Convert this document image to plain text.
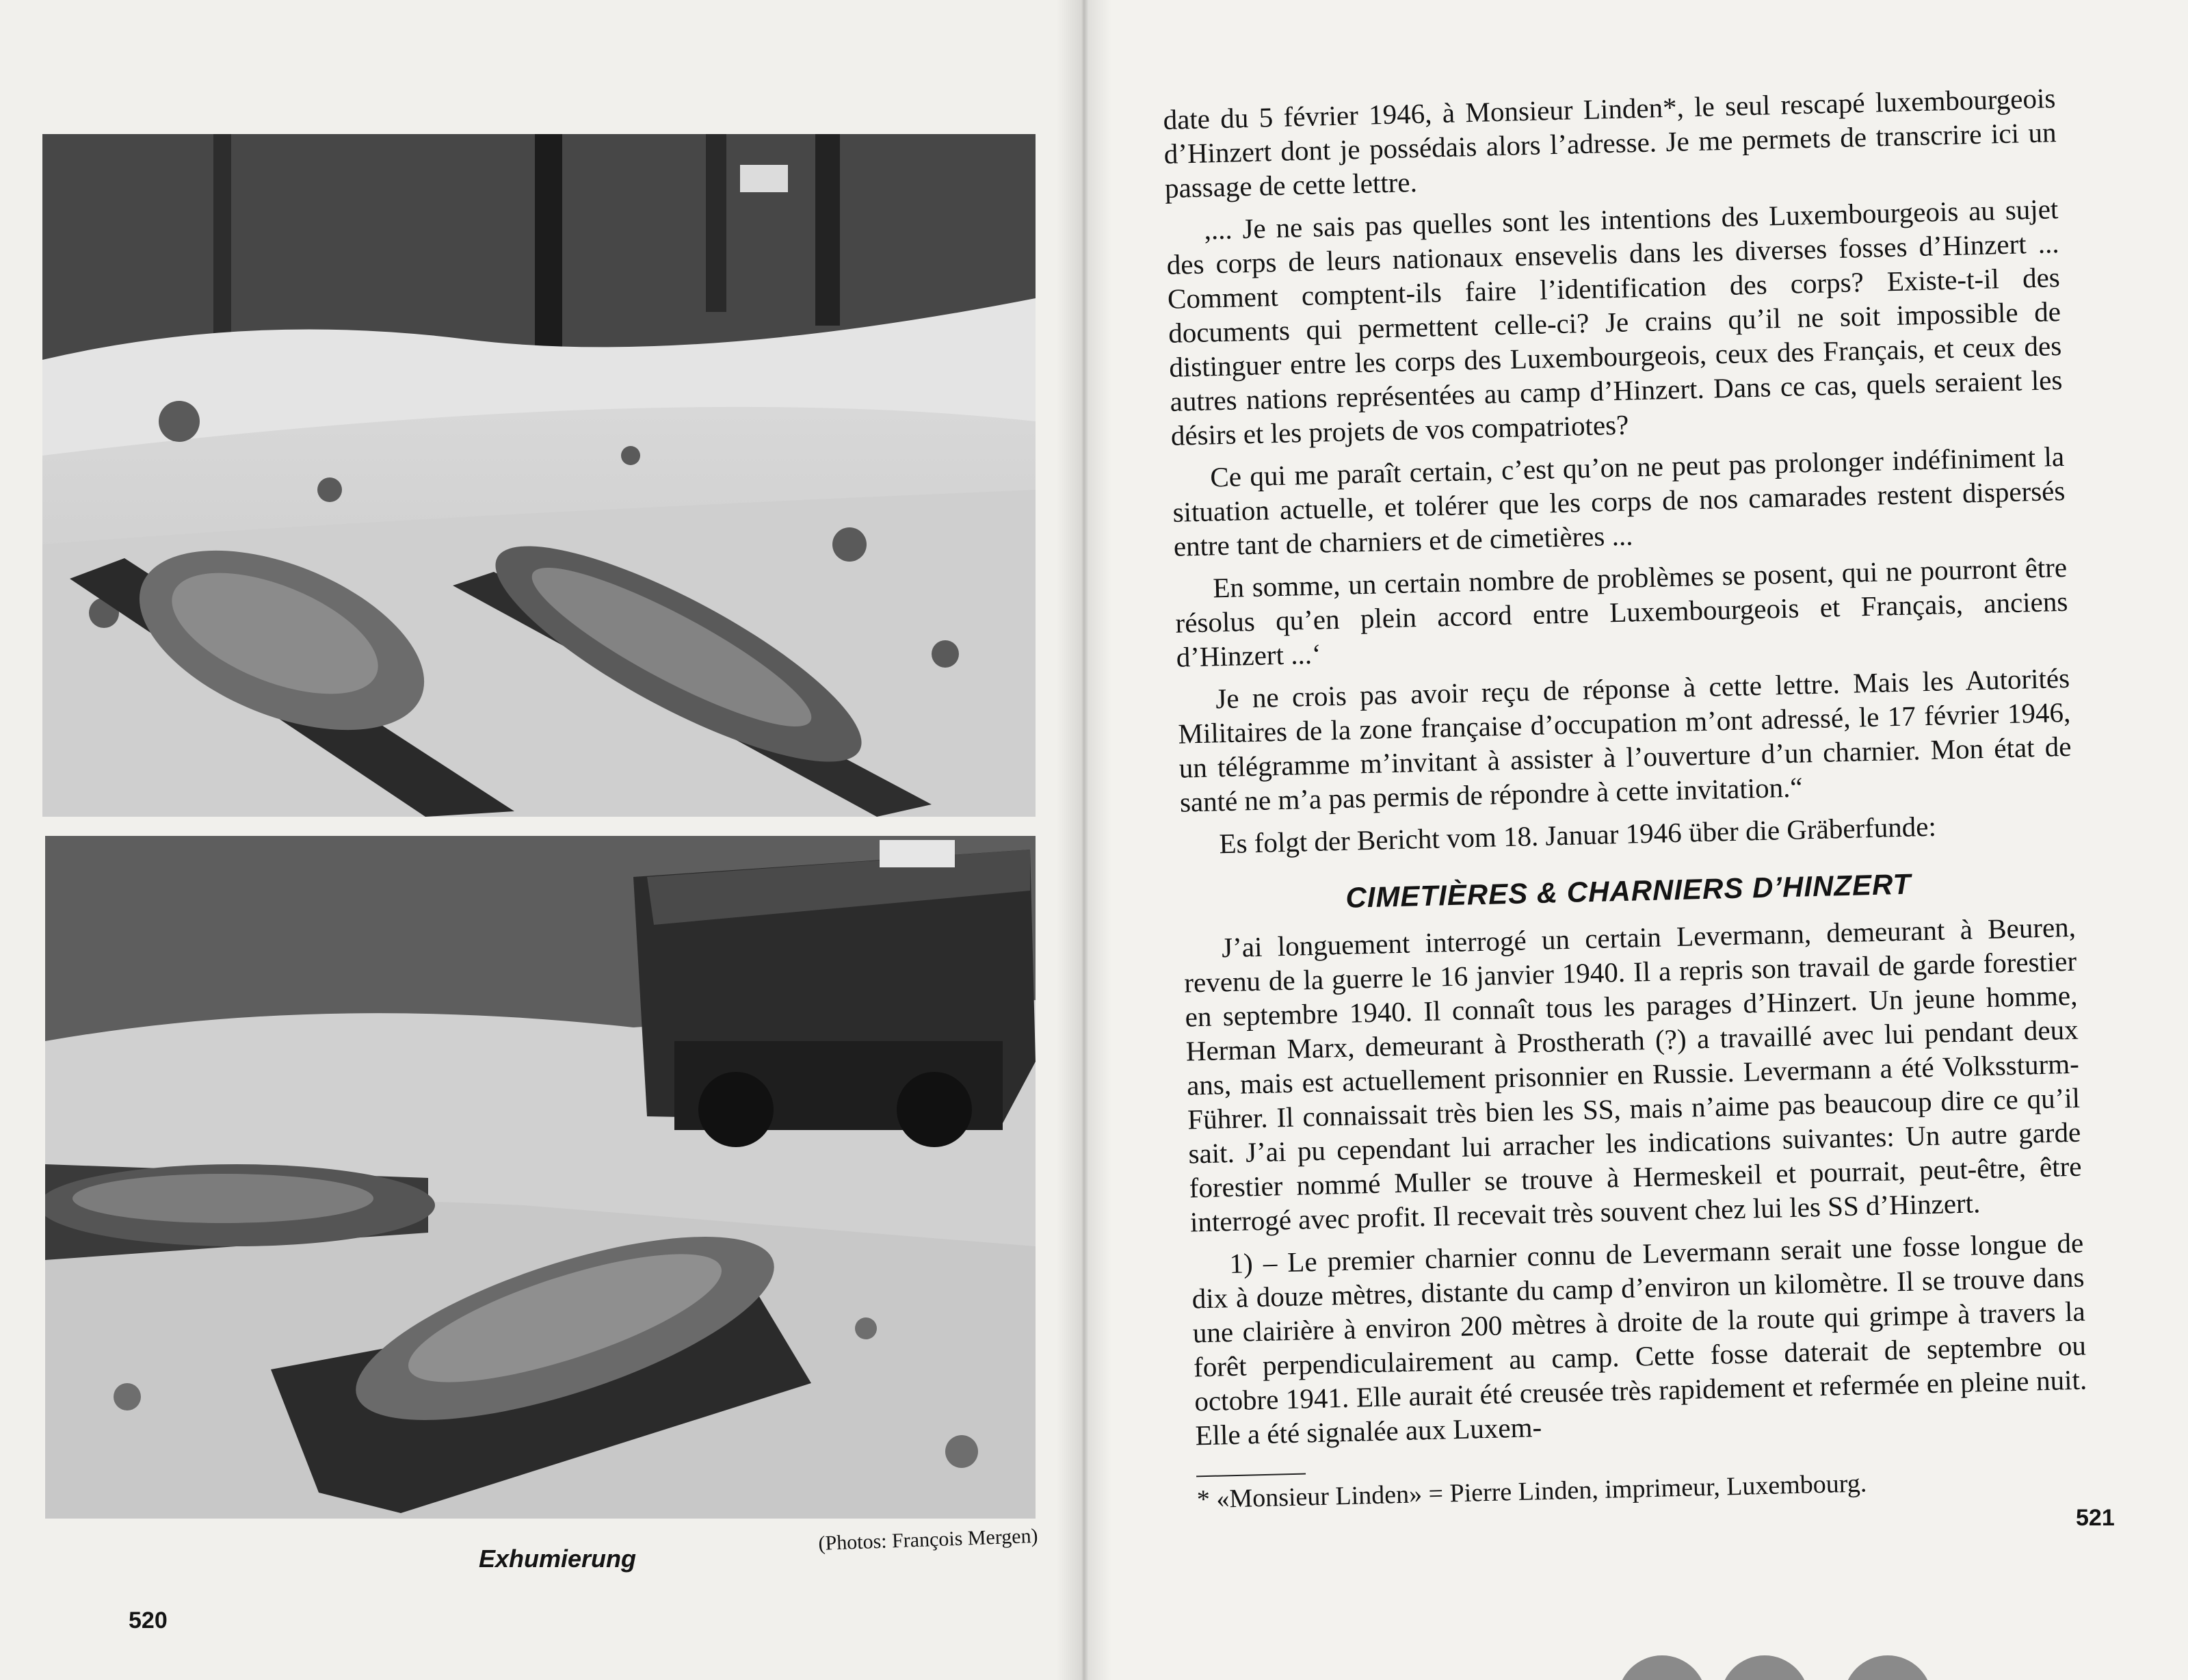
Exhumierung
(Photos: François Mergen)
520

date du 5 février 1946, à Monsieur Linden*, le seul rescapé luxembourgeois d’Hinzert dont je possédais alors l’adresse. Je me permets de transcrire ici un passage de cette lettre.

,... Je ne sais pas quelles sont les intentions des Luxembourgeois au sujet des corps de leurs nationaux ensevelis dans les diverses fosses d’Hinzert ... Comment comptent-ils faire l’identification des corps? Existe-t-il des documents qui permettent celle-ci? Je crains qu’il ne soit impossible de distinguer entre les corps des Luxembourgeois, ceux des Français, et ceux des autres nations représentées au camp d’Hinzert. Dans ce cas, quels seraient les désirs et les projets de vos compatriotes?

Ce qui me paraît certain, c’est qu’on ne peut pas prolonger indéfiniment la situation actuelle, et tolérer que les corps de nos camarades restent dispersés entre tant de charniers et de cimetières ...

En somme, un certain nombre de problèmes se posent, qui ne pourront être résolus qu’en plein accord entre Luxembourgeois et Français, anciens d’Hinzert ...‘

Je ne crois pas avoir reçu de réponse à cette lettre. Mais les Autorités Militaires de la zone française d’occupation m’ont adressé, le 17 février 1946, un télégramme m’invitant à assister à l’ouverture d’un charnier. Mon état de santé ne m’a pas permis de répondre à cette invitation.“

Es folgt der Bericht vom 18. Januar 1946 über die Gräberfunde:

CIMETIÈRES & CHARNIERS D’HINZERT

J’ai longuement interrogé un certain Levermann, demeurant à Beuren, revenu de la guerre le 16 janvier 1940. Il a repris son travail de garde forestier en septembre 1940. Il connaît tous les parages d’Hinzert. Un jeune homme, Herman Marx, demeurant à Prostherath (?) a travaillé avec lui pendant deux ans, mais est actuellement prisonnier en Russie. Levermann a été Volkssturm-Führer. Il connaissait très bien les SS, mais n’aime pas beaucoup dire ce qu’il sait. J’ai pu cependant lui arracher les indications suivantes: Un autre garde forestier nommé Muller se trouve à Hermeskeil et pourrait, peut-être, être interrogé avec profit. Il recevait très souvent chez lui les SS d’Hinzert.

1) – Le premier charnier connu de Levermann serait une fosse longue de dix à douze mètres, distante du camp d’environ un kilomètre. Il se trouve dans une clairière à environ 200 mètres à droite de la route qui grimpe à travers la forêt perpendiculairement au camp. Cette fosse daterait de septembre ou octobre 1941. Elle aurait été creusée très rapidement et refermée en pleine nuit. Elle a été signalée aux Luxem-

* «Monsieur Linden» = Pierre Linden, imprimeur, Luxembourg.

521
